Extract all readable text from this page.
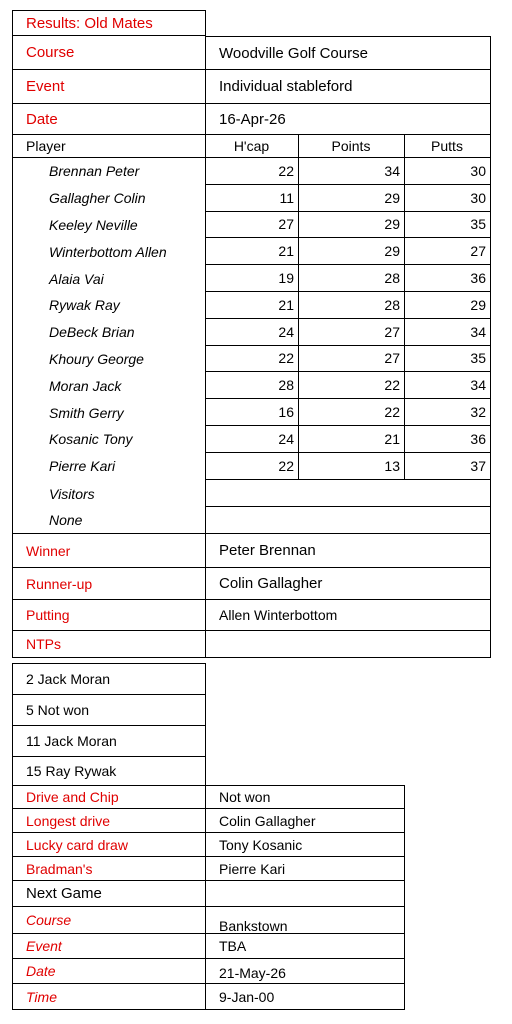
Results: Old Mates
Course	Woodville Golf Course
Event	Individual stableford
Date	16-Apr-26
Player	H'cap	Points	Putts
Brennan Peter	22	34	30
Gallagher Colin	11	29	30
Keeley Neville	27	29	35
Winterbottom Allen	21	29	27
Alaia Vai	19	28	36
Rywak Ray	21	28	29
DeBeck Brian	24	27	34
Khoury George	22	27	35
Moran Jack	28	22	34
Smith Gerry	16	22	32
Kosanic Tony	24	21	36
Pierre Kari	22	13	37
Visitors
None
Winner	Peter Brennan
Runner-up	Colin Gallagher
Putting	Allen Winterbottom
NTPs
2 Jack Moran
5 Not won
11 Jack Moran
15 Ray Rywak
Drive and Chip	Not won
Longest drive	Colin Gallagher
Lucky card draw	Tony Kosanic
Bradman's	Pierre Kari
Next Game
Course	Bankstown
Event	TBA
Date	21-May-26
Time	9-Jan-00
